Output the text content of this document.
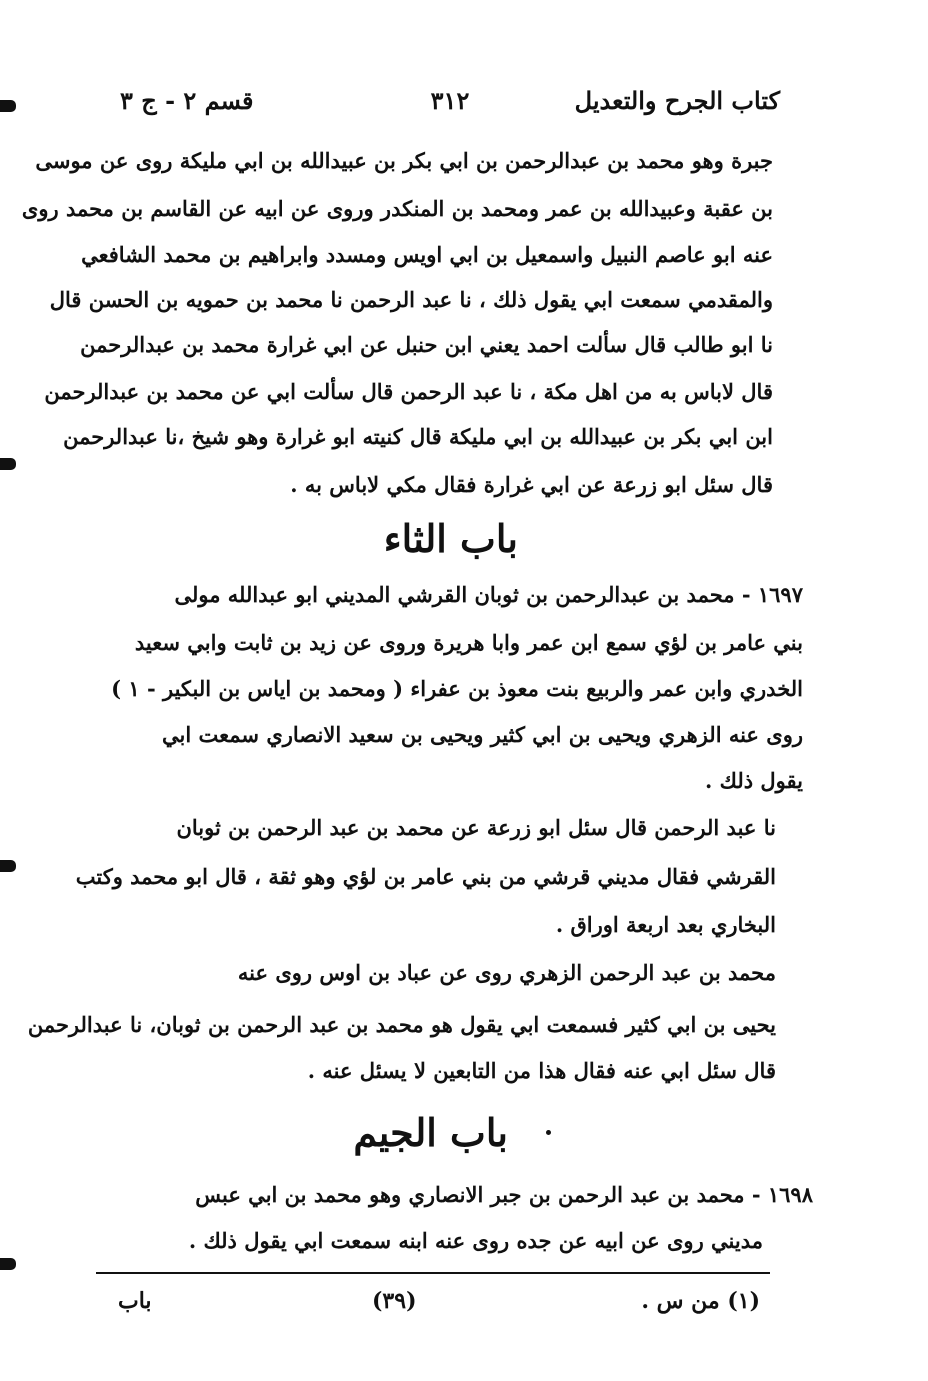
كتاب الجرح والتعديل
٣١٢
قسم ٢ - ج ٣
جبرة وهو محمد بن عبدالرحمن بن ابي بكر بن عبيدالله بن ابي مليكة روى عن موسى
بن عقبة وعبيدالله بن عمر ومحمد بن المنكدر وروى عن ابيه عن القاسم بن محمد روى
عنه ابو عاصم النبيل واسمعيل بن ابي اويس ومسدد وابراهيم بن محمد الشافعي
والمقدمي سمعت ابي يقول ذلك ، نا عبد الرحمن نا محمد بن حمويه بن الحسن قال
نا ابو طالب قال سألت احمد يعني ابن حنبل عن ابي غرارة محمد بن عبدالرحمن
قال لاباس به من اهل مكة ، نا عبد الرحمن قال سألت ابي عن محمد بن عبدالرحمن
ابن ابي بكر بن عبيدالله بن ابي مليكة قال كنيته ابو غرارة وهو شيخ ،نا عبدالرحمن
قال سئل ابو زرعة عن ابي غرارة فقال مكي لاباس به .
باب الثاء
١٦٩٧ - محمد بن عبدالرحمن بن ثوبان القرشي المديني ابو عبدالله مولى
بني عامر بن لؤي سمع ابن عمر وابا هريرة وروى عن زيد بن ثابت وابي سعيد
الخدري وابن عمر والربيع بنت معوذ بن عفراء ( ومحمد بن اياس بن البكير - ١ )
روى عنه الزهري ويحيى بن ابي كثير ويحيى بن سعيد الانصاري سمعت ابي
يقول ذلك .
نا عبد الرحمن قال سئل ابو زرعة عن محمد بن عبد الرحمن بن ثوبان
القرشي فقال مديني قرشي من بني عامر بن لؤي وهو ثقة ، قال ابو محمد وكتب
البخاري بعد اربعة اوراق .
محمد بن عبد الرحمن الزهري روى عن عباد بن اوس روى عنه
يحيى بن ابي كثير فسمعت ابي يقول هو محمد بن عبد الرحمن بن ثوبان، نا عبدالرحمن
قال سئل ابي عنه فقال هذا من التابعين لا يسئل عنه .
باب الجيم
١٦٩٨ - محمد بن عبد الرحمن بن جبر الانصاري وهو محمد بن ابي عبس
مديني روى عن ابيه عن جده روى عنه ابنه سمعت ابي يقول ذلك .
(١) من س .
(٣٩)
باب
